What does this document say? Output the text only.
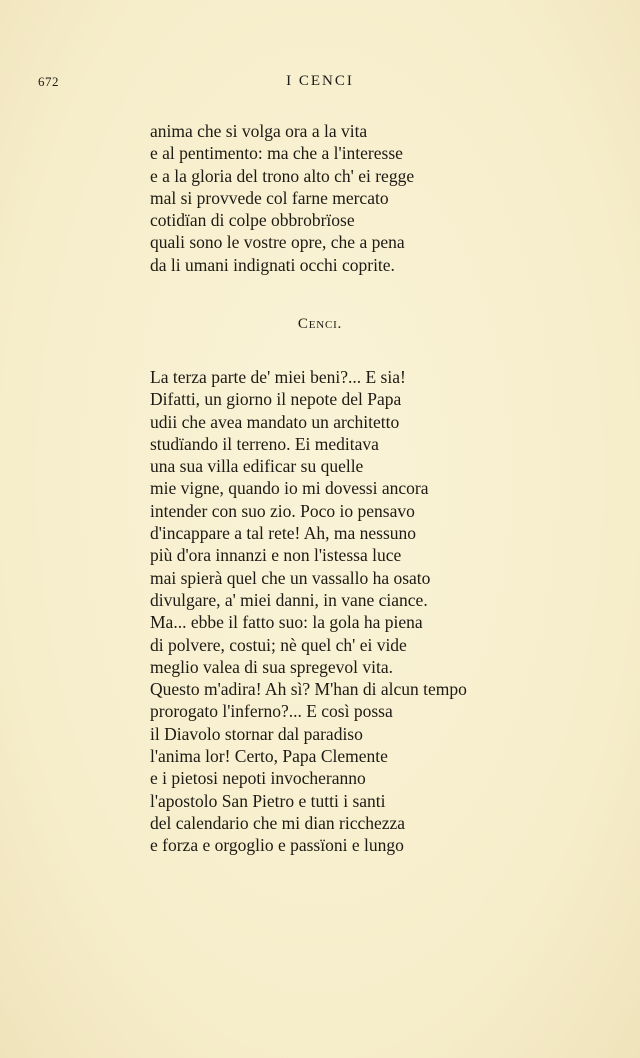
672	I CENCI
anima che si volga ora a la vita
e al pentimento: ma che a l'interesse
e a la gloria del trono alto ch' ei regge
mal si provvede col farne mercato
cotidïan di colpe obbrobrïose
quali sono le vostre opre, che a pena
da li umani indignati occhi coprite.
Cenci.
La terza parte de' miei beni?... E sia!
Difatti, un giorno il nepote del Papa
udii che avea mandato un architetto
studïando il terreno. Ei meditava
una sua villa edificar su quelle
mie vigne, quando io mi dovessi ancora
intender con suo zio. Poco io pensavo
d'incappare a tal rete! Ah, ma nessuno
più d'ora innanzi e non l'istessa luce
mai spierà quel che un vassallo ha osato
divulgare, a' miei danni, in vane ciance.
Ma... ebbe il fatto suo: la gola ha piena
di polvere, costui; nè quel ch' ei vide
meglio valea di sua spregevol vita.
Questo m'adira! Ah sì? M'han di alcun tempo
prorogato l'inferno?... E così possa
il Diavolo stornar dal paradiso
l'anima lor! Certo, Papa Clemente
e i pietosi nepoti invocheranno
l'apostolo San Pietro e tutti i santi
del calendario che mi dian ricchezza
e forza e orgoglio e passïoni e lungo
